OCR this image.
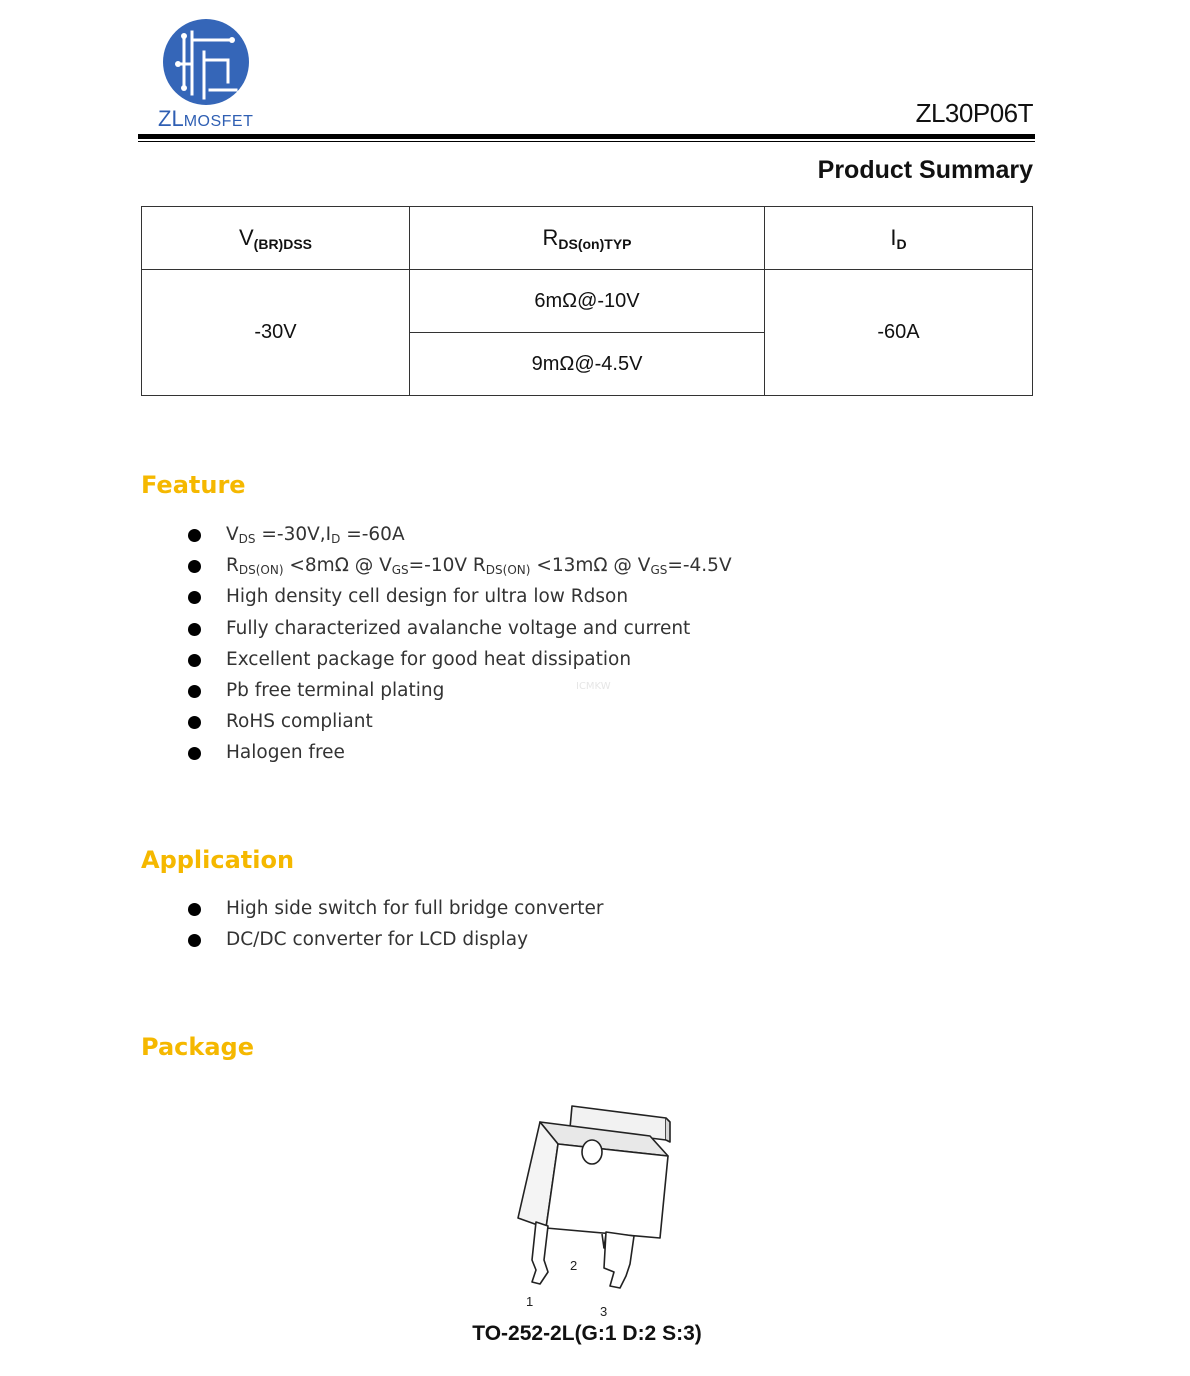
ZLMOSFET	ZL30P06T
Product Summary
$V_{(BR)DSS}$	$R_{DS(on)TYP}$	$I_D$
-30V	6mΩ@-10V	-60A
	9mΩ@-4.5V	
Feature
$V_{DS} =-30V,I_D =-60A$
$R_{DS(ON)} <8m\Omega$ @ $V_{GS}=-10V$ $R_{DS(ON)} <13m\Omega$ @ $V_{GS}=-4.5V$
High density cell design for ultra low Rdson
Fully characterized avalanche voltage and current
Excellent package for good heat dissipation
Pb free terminal plating
RoHS compliant
Halogen free
ICMKW
Application
High side switch for full bridge converter
DC/DC converter for LCD display
Package
1
2
3
TO-252-2L(G:1 D:2 S:3)
